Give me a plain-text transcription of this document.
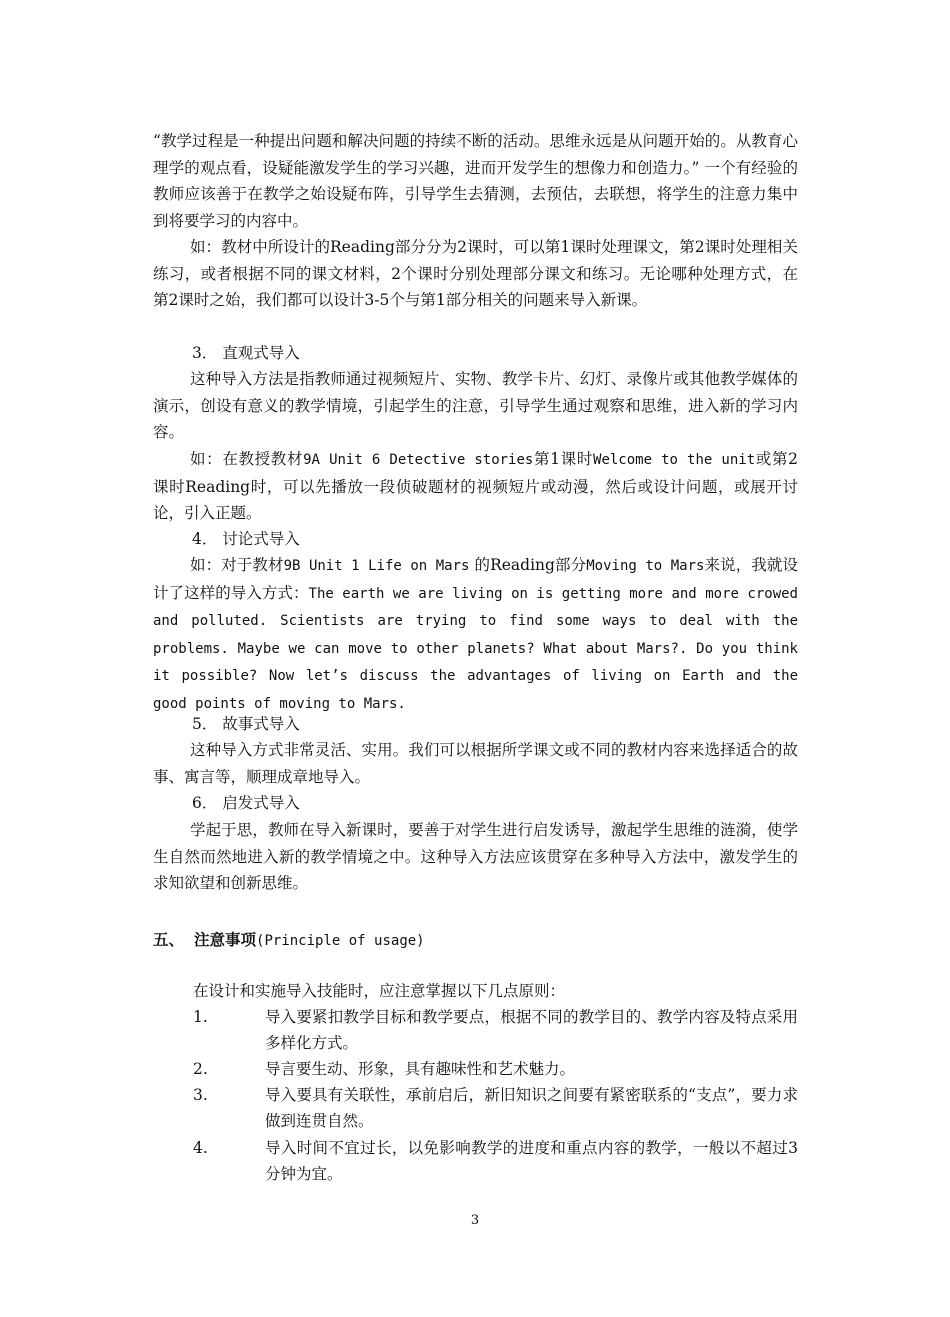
“教学过程是一种提出问题和解决问题的持续不断的活动。思维永远是从问题开始的。从教育心理学的观点看，设疑能激发学生的学习兴趣，进而开发学生的想像力和创造力。” 一个有经验的教师应该善于在教学之始设疑布阵，引导学生去猜测，去预估，去联想，将学生的注意力集中到将要学习的内容中。

如：教材中所设计的Reading部分分为2课时，可以第1课时处理课文，第2课时处理相关练习，或者根据不同的课文材料，2个课时分别处理部分课文和练习。无论哪种处理方式，在第2课时之始，我们都可以设计3-5个与第1部分相关的问题来导入新课。

3． 直观式导入

这种导入方法是指教师通过视频短片、实物、教学卡片、幻灯、录像片或其他教学媒体的演示，创设有意义的教学情境，引起学生的注意，引导学生通过观察和思维，进入新的学习内容。

如：在教授教材9A Unit 6 Detective stories第1课时Welcome to the unit或第2课时Reading时，可以先播放一段侦破题材的视频短片或动漫，然后或设计问题，或展开讨论，引入正题。

4． 讨论式导入

如：对于教材9B Unit 1 Life on Mars 的Reading部分Moving to Mars来说，我就设计了这样的导入方式：The earth we are living on is getting more and more crowed and polluted. Scientists are trying to find some ways to deal with the problems. Maybe we can move to other planets? What about Mars?. Do you think it possible? Now let’s discuss the advantages of living on Earth and the good points of moving to Mars.

5． 故事式导入

这种导入方式非常灵活、实用。我们可以根据所学课文或不同的教材内容来选择适合的故事、寓言等，顺理成章地导入。

6． 启发式导入

学起于思，教师在导入新课时，要善于对学生进行启发诱导，激起学生思维的涟漪，使学生自然而然地进入新的教学情境之中。这种导入方法应该贯穿在多种导入方法中，激发学生的求知欲望和创新思维。

五、 注意事项(Principle of usage)

在设计和实施导入技能时，应注意掌握以下几点原则：

1.	导入要紧扣教学目标和教学要点，根据不同的教学目的、教学内容及特点采用多样化方式。
2.	导言要生动、形象，具有趣味性和艺术魅力。
3.	导入要具有关联性，承前启后，新旧知识之间要有紧密联系的“支点”，要力求做到连贯自然。
4.	导入时间不宜过长，以免影响教学的进度和重点内容的教学，一般以不超过3分钟为宜。
3
